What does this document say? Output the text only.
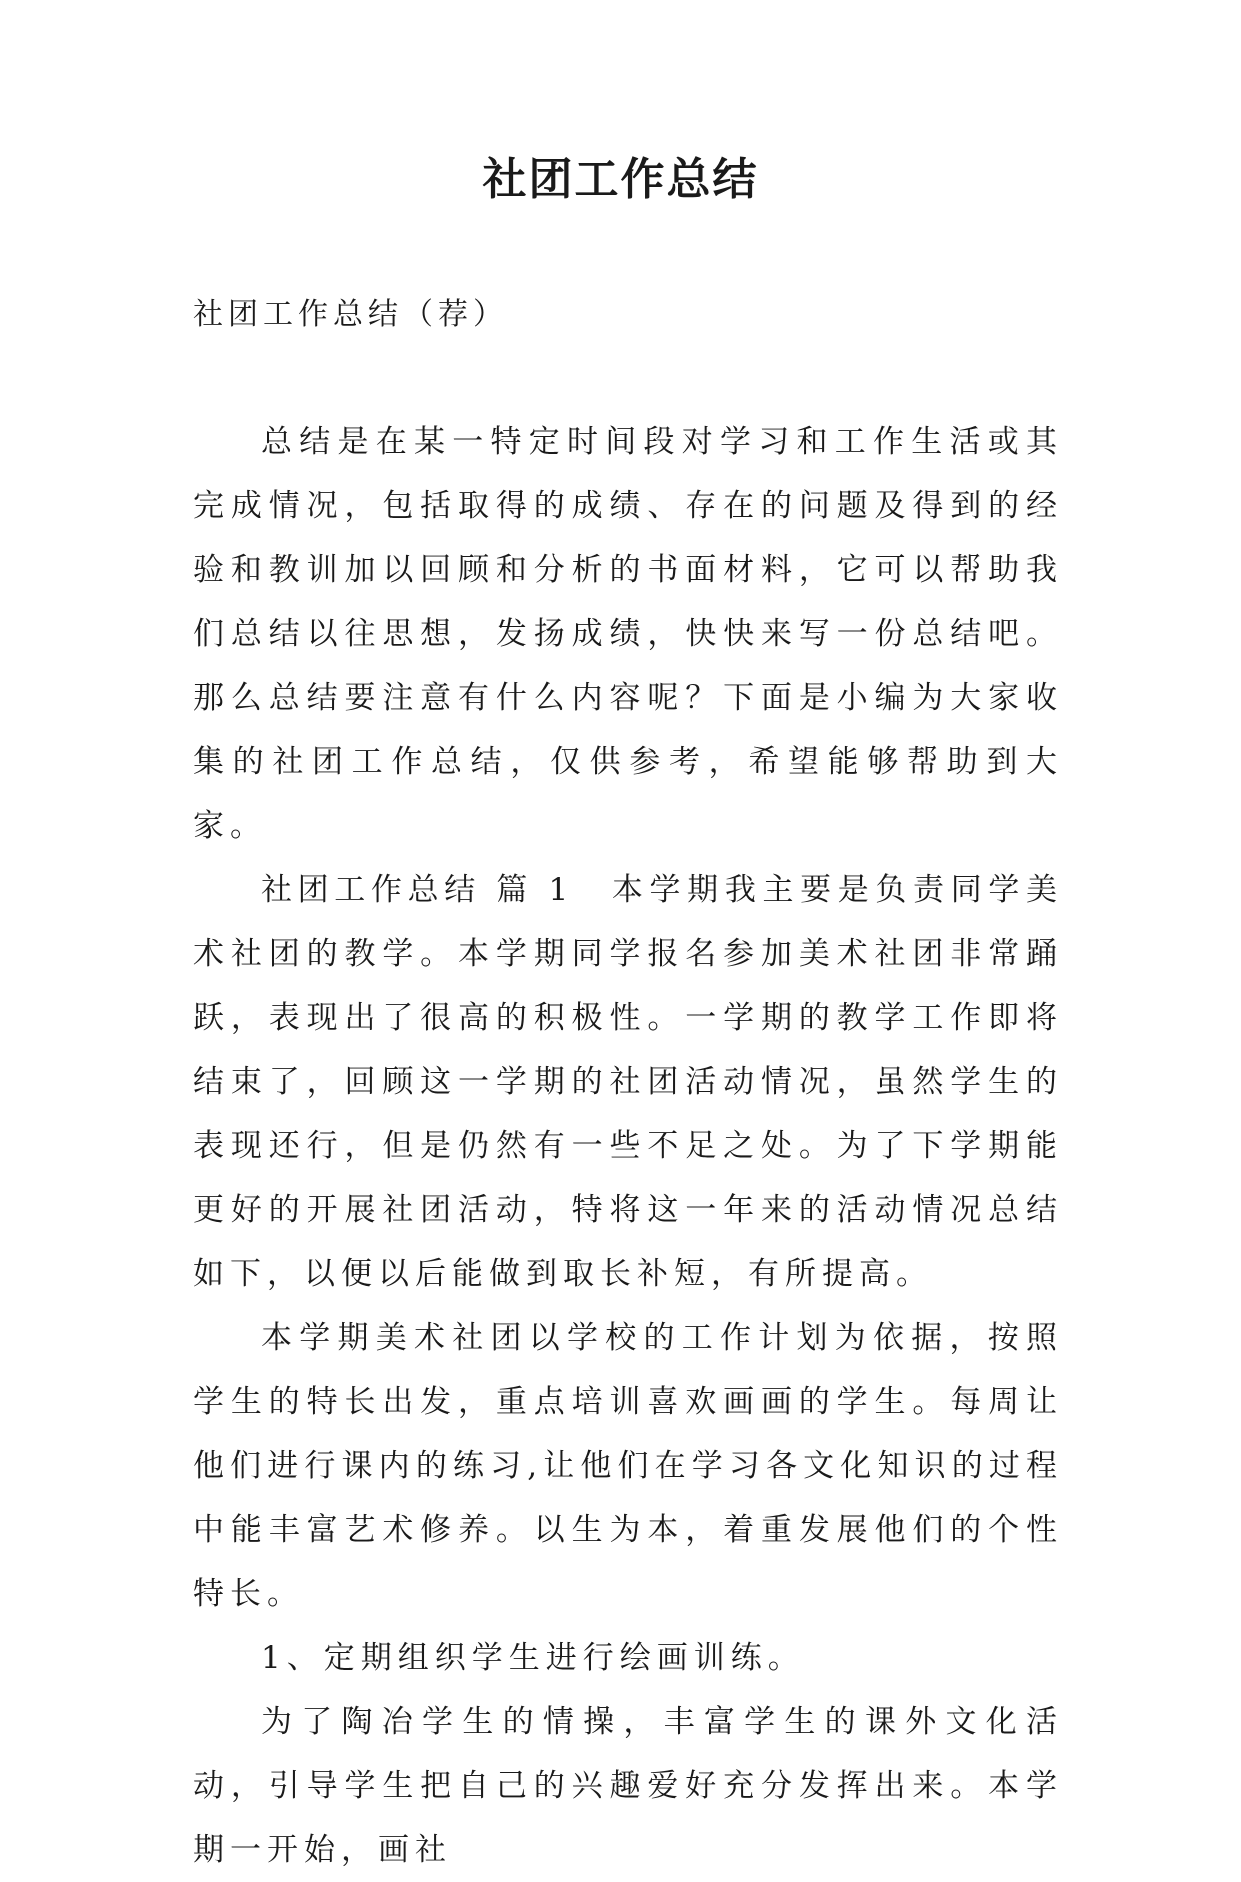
社团工作总结
社团工作总结（荐）

总结是在某一特定时间段对学习和工作生活或其完成情况，包括取得的成绩、存在的问题及得到的经验和教训加以回顾和分析的书面材料，它可以帮助我们总结以往思想，发扬成绩，快快来写一份总结吧。那么总结要注意有什么内容呢？下面是小编为大家收集的社团工作总结，仅供参考，希望能够帮助到大家。

社团工作总结 篇 1 本学期我主要是负责同学美术社团的教学。本学期同学报名参加美术社团非常踊跃，表现出了很高的积极性。一学期的教学工作即将结束了，回顾这一学期的社团活动情况，虽然学生的表现还行，但是仍然有一些不足之处。为了下学期能更好的开展社团活动，特将这一年来的活动情况总结如下，以便以后能做到取长补短，有所提高。

本学期美术社团以学校的工作计划为依据，按照学生的特长出发，重点培训喜欢画画的学生。每周让他们进行课内的练习,让他们在学习各文化知识的过程中能丰富艺术修养。以生为本，着重发展他们的个性特长。

1、定期组织学生进行绘画训练。

为了陶冶学生的情操，丰富学生的课外文化活动，引导学生把自己的兴趣爱好充分发挥出来。本学期一开始，画社
